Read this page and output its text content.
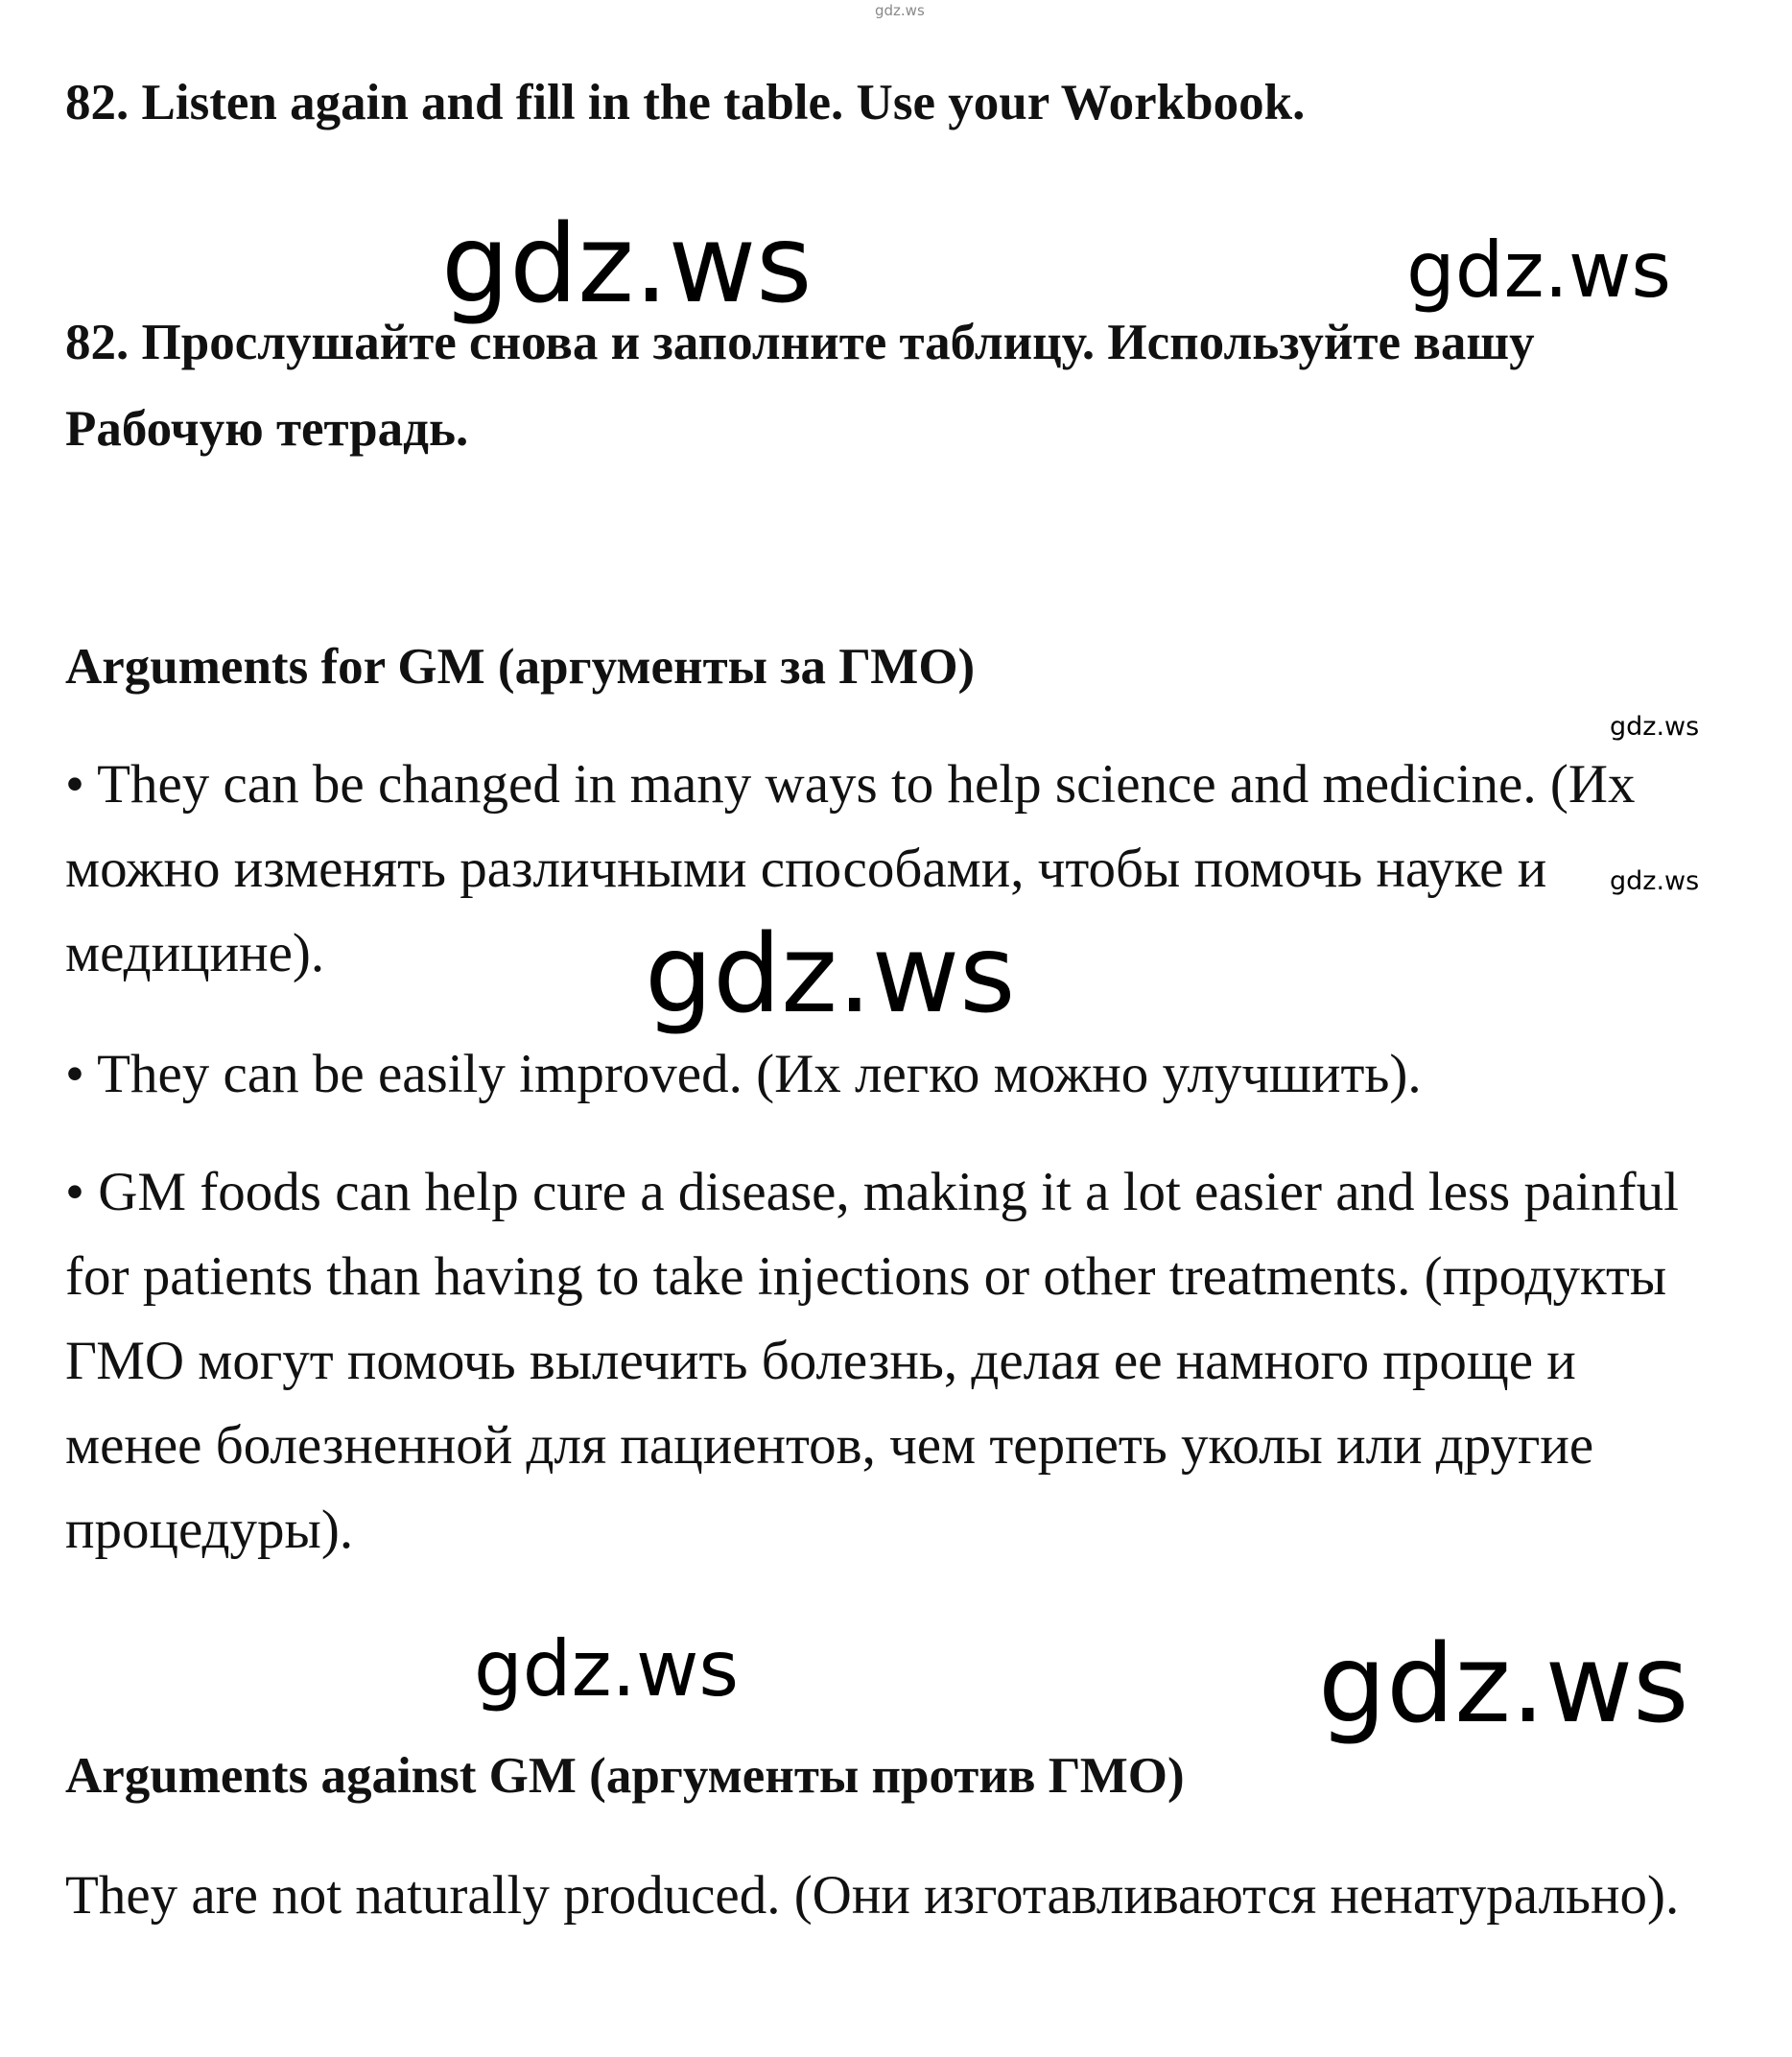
gdz.ws

82. Listen again and fill in the table. Use your Workbook.

gdz.ws	gdz.ws

82. Прослушайте снова и заполните таблицу. Используйте вашу Рабочую тетрадь.

Arguments for GM (аргументы за ГМО)

gdz.ws

• They can be changed in many ways to help science and medicine. (Их можно изменять различными способами, чтобы помочь науке и медицине).

gdz.ws
gdz.ws

• They can be easily improved. (Их легко можно улучшить).

• GM foods can help cure a disease, making it a lot easier and less painful for patients than having to take injections or other treatments. (продукты ГМО могут помочь вылечить болезнь, делая ее намного проще и менее болезненной для пациентов, чем терпеть уколы или другие процедуры).

gdz.ws	gdz.ws

Arguments against GM (аргументы против ГМО)

They are not naturally produced. (Они изготавливаются ненатурально).
